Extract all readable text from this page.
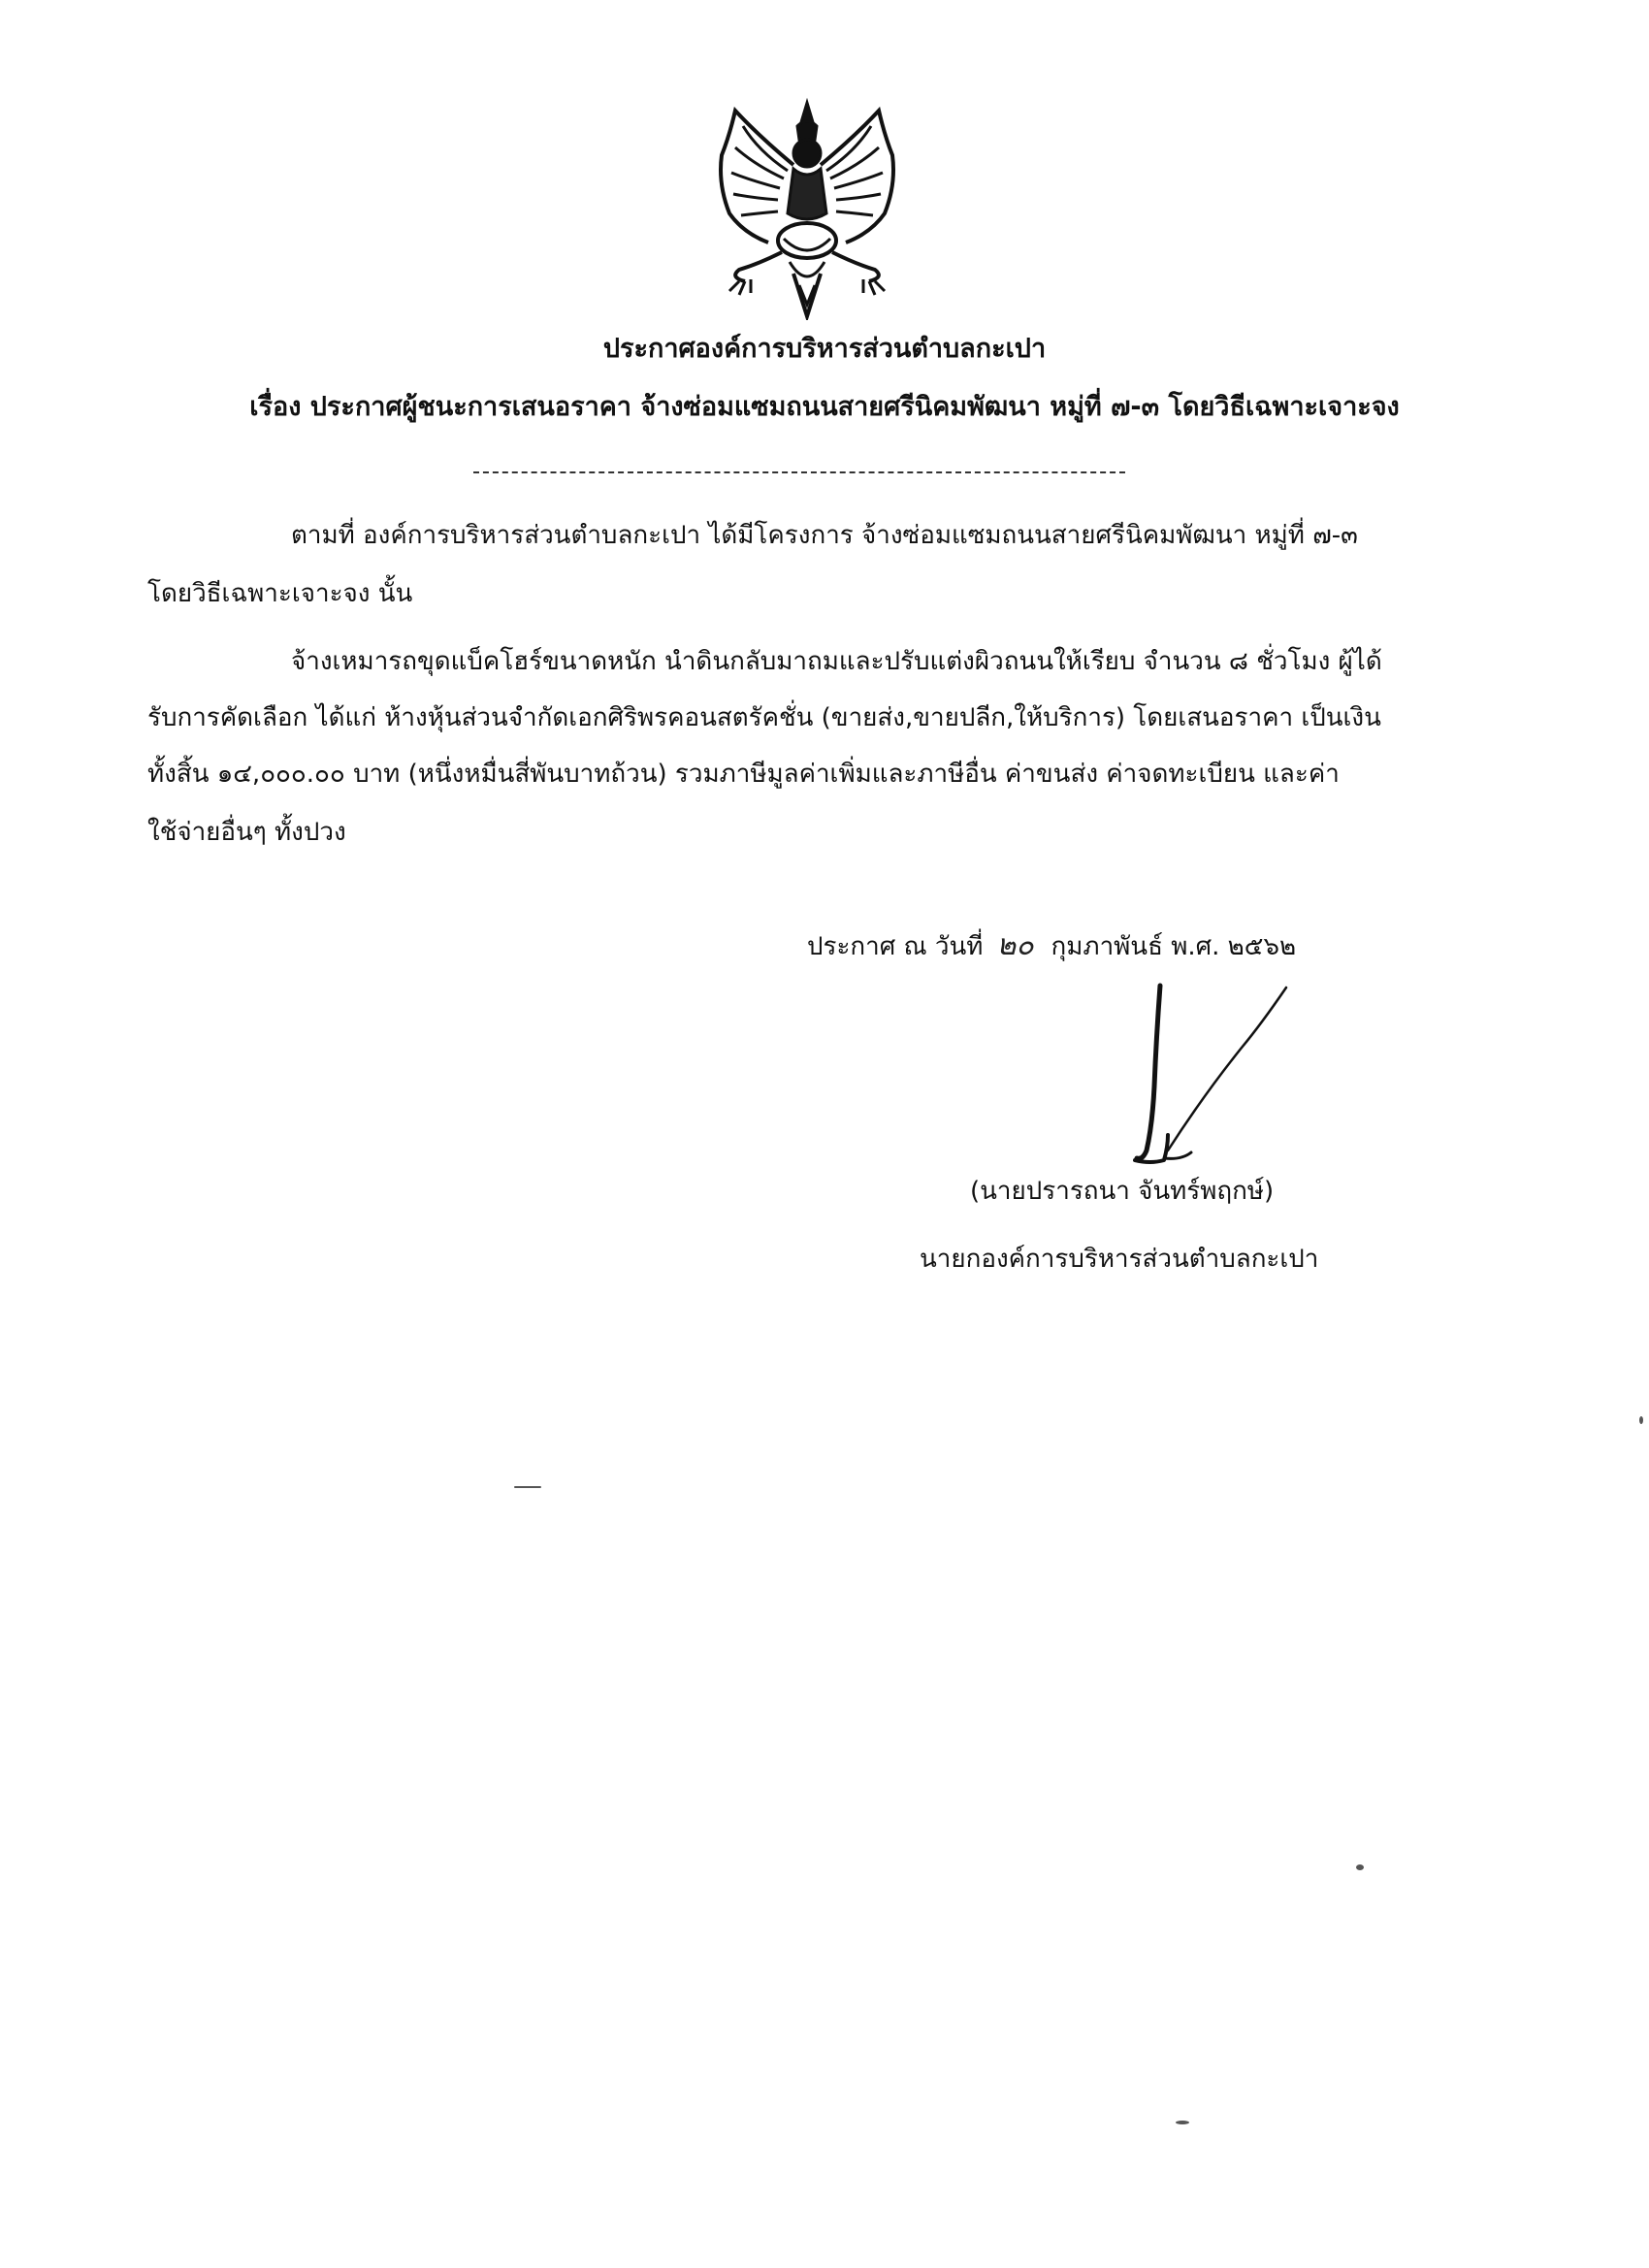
ประกาศองค์การบริหารส่วนตำบลกะเปา
เรื่อง ประกาศผู้ชนะการเสนอราคา จ้างซ่อมแซมถนนสายศรีนิคมพัฒนา หมู่ที่ ๗-๓ โดยวิธีเฉพาะเจาะจง
ตามที่ องค์การบริหารส่วนตำบลกะเปา ได้มีโครงการ จ้างซ่อมแซมถนนสายศรีนิคมพัฒนา หมู่ที่ ๗-๓
โดยวิธีเฉพาะเจาะจง นั้น
จ้างเหมารถขุดแบ็คโฮร์ขนาดหนัก นำดินกลับมาถมและปรับแต่งผิวถนนให้เรียบ จำนวน ๘ ชั่วโมง ผู้ได้
รับการคัดเลือก ได้แก่ ห้างหุ้นส่วนจำกัดเอกศิริพรคอนสตรัคชั่น (ขายส่ง,ขายปลีก,ให้บริการ) โดยเสนอราคา เป็นเงิน
ทั้งสิ้น ๑๔,๐๐๐.๐๐ บาท (หนึ่งหมื่นสี่พันบาทถ้วน) รวมภาษีมูลค่าเพิ่มและภาษีอื่น ค่าขนส่ง ค่าจดทะเบียน และค่า
ใช้จ่ายอื่นๆ ทั้งปวง
ประกาศ ณ วันที่ ๒๐ กุมภาพันธ์ พ.ศ. ๒๕๖๒
(นายปรารถนา จันทร์พฤกษ์)
นายกองค์การบริหารส่วนตำบลกะเปา
